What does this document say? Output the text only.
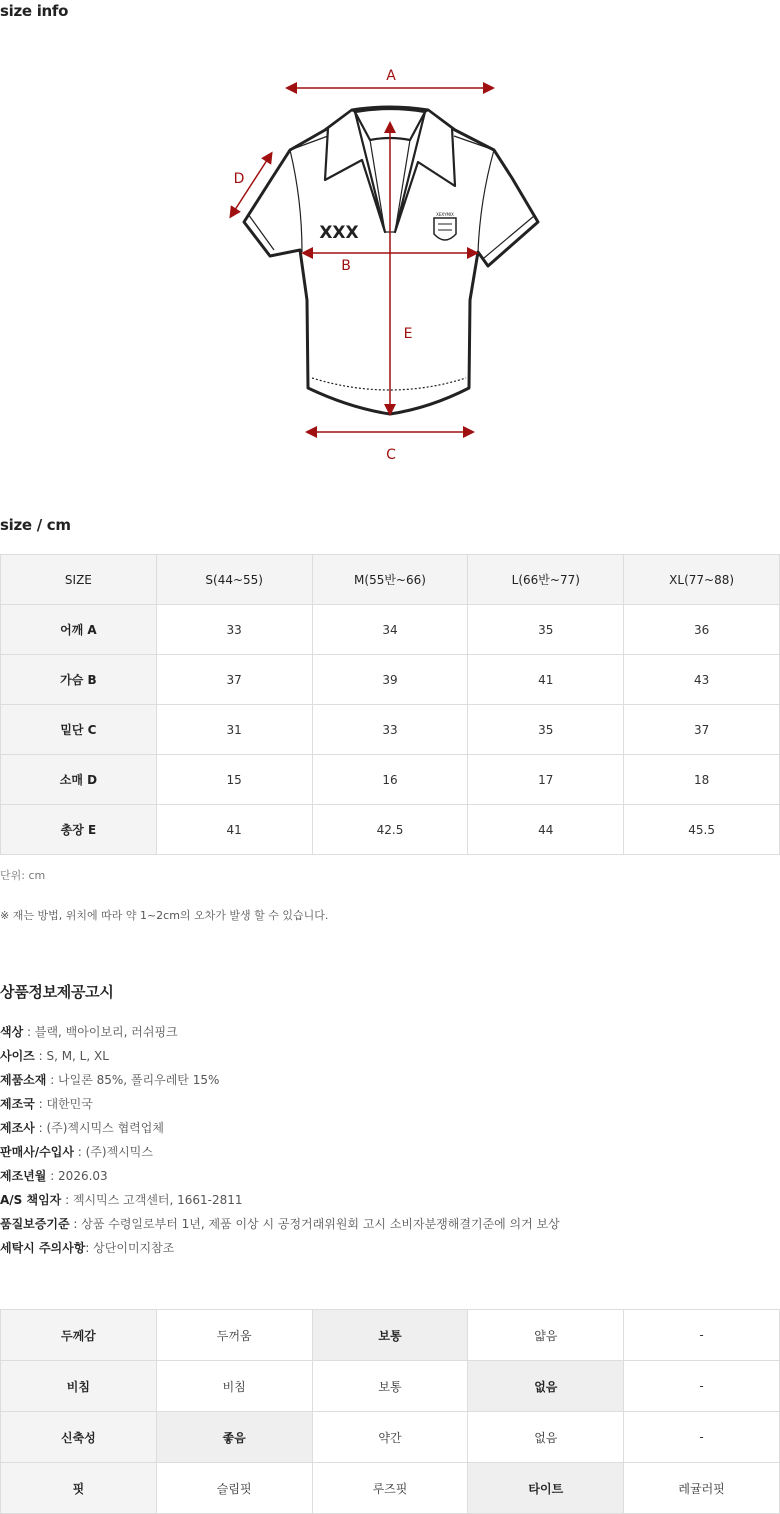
size info
XXX
XEXYMIX
A
B
C
D
E
size / cm
SIZE	S(44~55)	M(55반~66)	L(66반~77)	XL(77~88)
어깨 A	33	34	35	36
가슴 B	37	39	41	43
밑단 C	31	33	35	37
소매 D	15	16	17	18
총장 E	41	42.5	44	45.5
단위: cm
※ 재는 방법, 위치에 따라 약 1~2cm의 오차가 발생 할 수 있습니다.
상품정보제공고시
색상 : 블랙, 백아이보리, 러쉬핑크
사이즈 : S, M, L, XL
제품소재 : 나일론 85%, 폴리우레탄 15%
제조국 : 대한민국
제조사 : (주)젝시믹스 협력업체
판매사/수입사 : (주)젝시믹스
제조년월 : 2026.03
A/S 책임자 : 젝시믹스 고객센터, 1661-2811
품질보증기준 : 상품 수령일로부터 1년, 제품 이상 시 공정거래위원회 고시 소비자분쟁해결기준에 의거 보상
세탁시 주의사항: 상단이미지참조
두께감	두꺼움	보통	얇음	-
비침	비침	보통	없음	-
신축성	좋음	약간	없음	-
핏	슬림핏	루즈핏	타이트	레귤러핏
